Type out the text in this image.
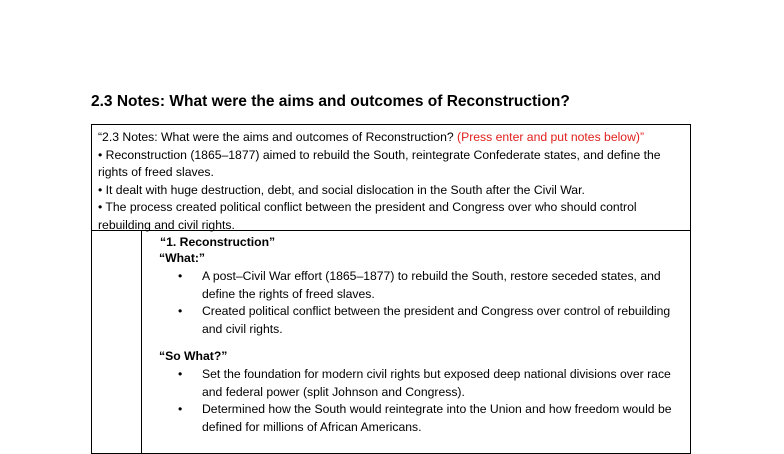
2.3 Notes: What were the aims and outcomes of Reconstruction?

“2.3 Notes: What were the aims and outcomes of Reconstruction? (Press enter and put notes below)”

• Reconstruction (1865–1877) aimed to rebuild the South, reintegrate Confederate states, and define the rights of freed slaves.

• It dealt with huge destruction, debt, and social dislocation in the South after the Civil War.

• The process created political conflict between the president and Congress over who should control rebuilding and civil rights.

“1. Reconstruction”
“What:”
• A post–Civil War effort (1865–1877) to rebuild the South, restore seceded states, and define the rights of freed slaves.
• Created political conflict between the president and Congress over control of rebuilding and civil rights.
“So What?”
• Set the foundation for modern civil rights but exposed deep national divisions over race and federal power (split Johnson and Congress).
• Determined how the South would reintegrate into the Union and how freedom would be defined for millions of African Americans.
